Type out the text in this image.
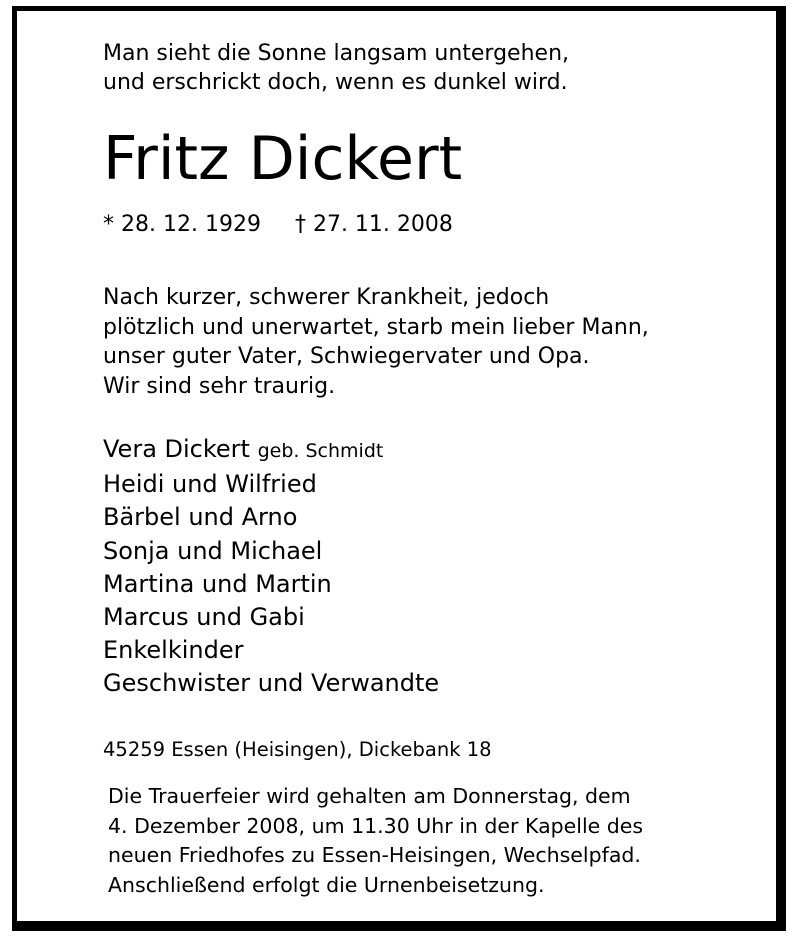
Man sieht die Sonne langsam untergehen,
und erschrickt doch, wenn es dunkel wird.
Fritz Dickert
* 28. 12. 1929 † 27. 11. 2008
Nach kurzer, schwerer Krankheit, jedoch
plötzlich und unerwartet, starb mein lieber Mann,
unser guter Vater, Schwiegervater und Opa.
Wir sind sehr traurig.
Vera Dickert geb. Schmidt
Heidi und Wilfried
Bärbel und Arno
Sonja und Michael
Martina und Martin
Marcus und Gabi
Enkelkinder
Geschwister und Verwandte
45259 Essen (Heisingen), Dickebank 18
Die Trauerfeier wird gehalten am Donnerstag, dem
4. Dezember 2008, um 11.30 Uhr in der Kapelle des
neuen Friedhofes zu Essen-Heisingen, Wechselpfad.
Anschließend erfolgt die Urnenbeisetzung.
